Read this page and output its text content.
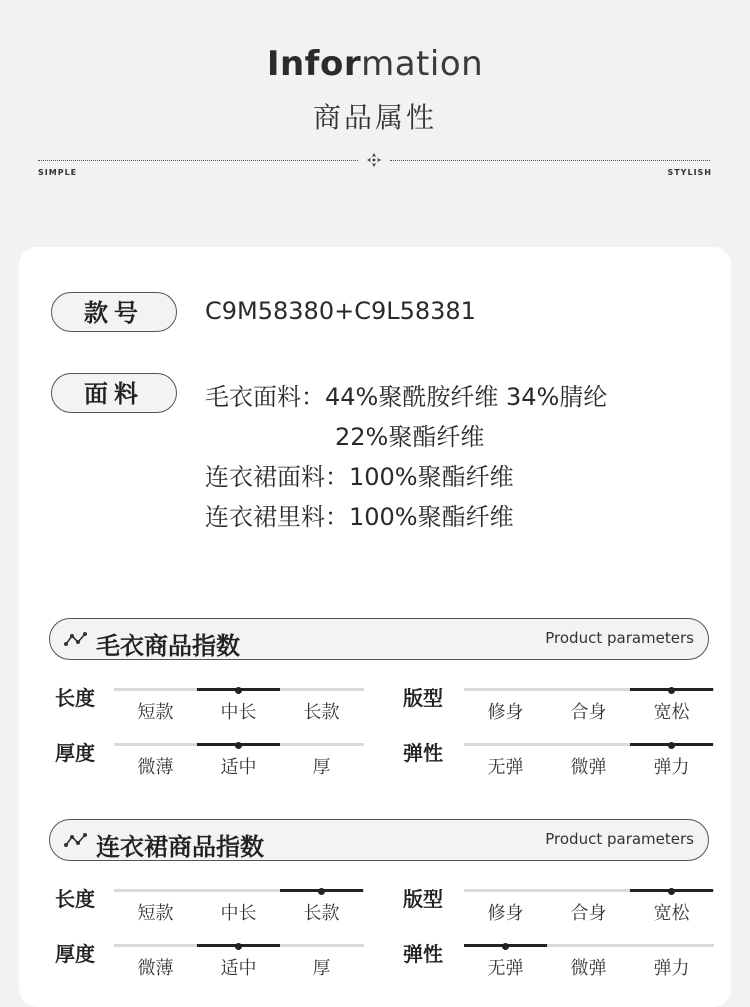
Information
商品属性
SIMPLE	STYLISH
款号	C9M58380+C9L58381
面料	毛衣面料：44%聚酰胺纤维 34%腈纶
22%聚酯纤维
连衣裙面料：100%聚酯纤维
连衣裙里料：100%聚酯纤维
毛衣商品指数	Product parameters
长度
短款	中长	长款
版型
修身	合身	宽松
厚度
微薄	适中	厚
弹性
无弹	微弹	弹力
连衣裙商品指数	Product parameters
长度
短款	中长	长款
版型
修身	合身	宽松
厚度
微薄	适中	厚
弹性
无弹	微弹	弹力
